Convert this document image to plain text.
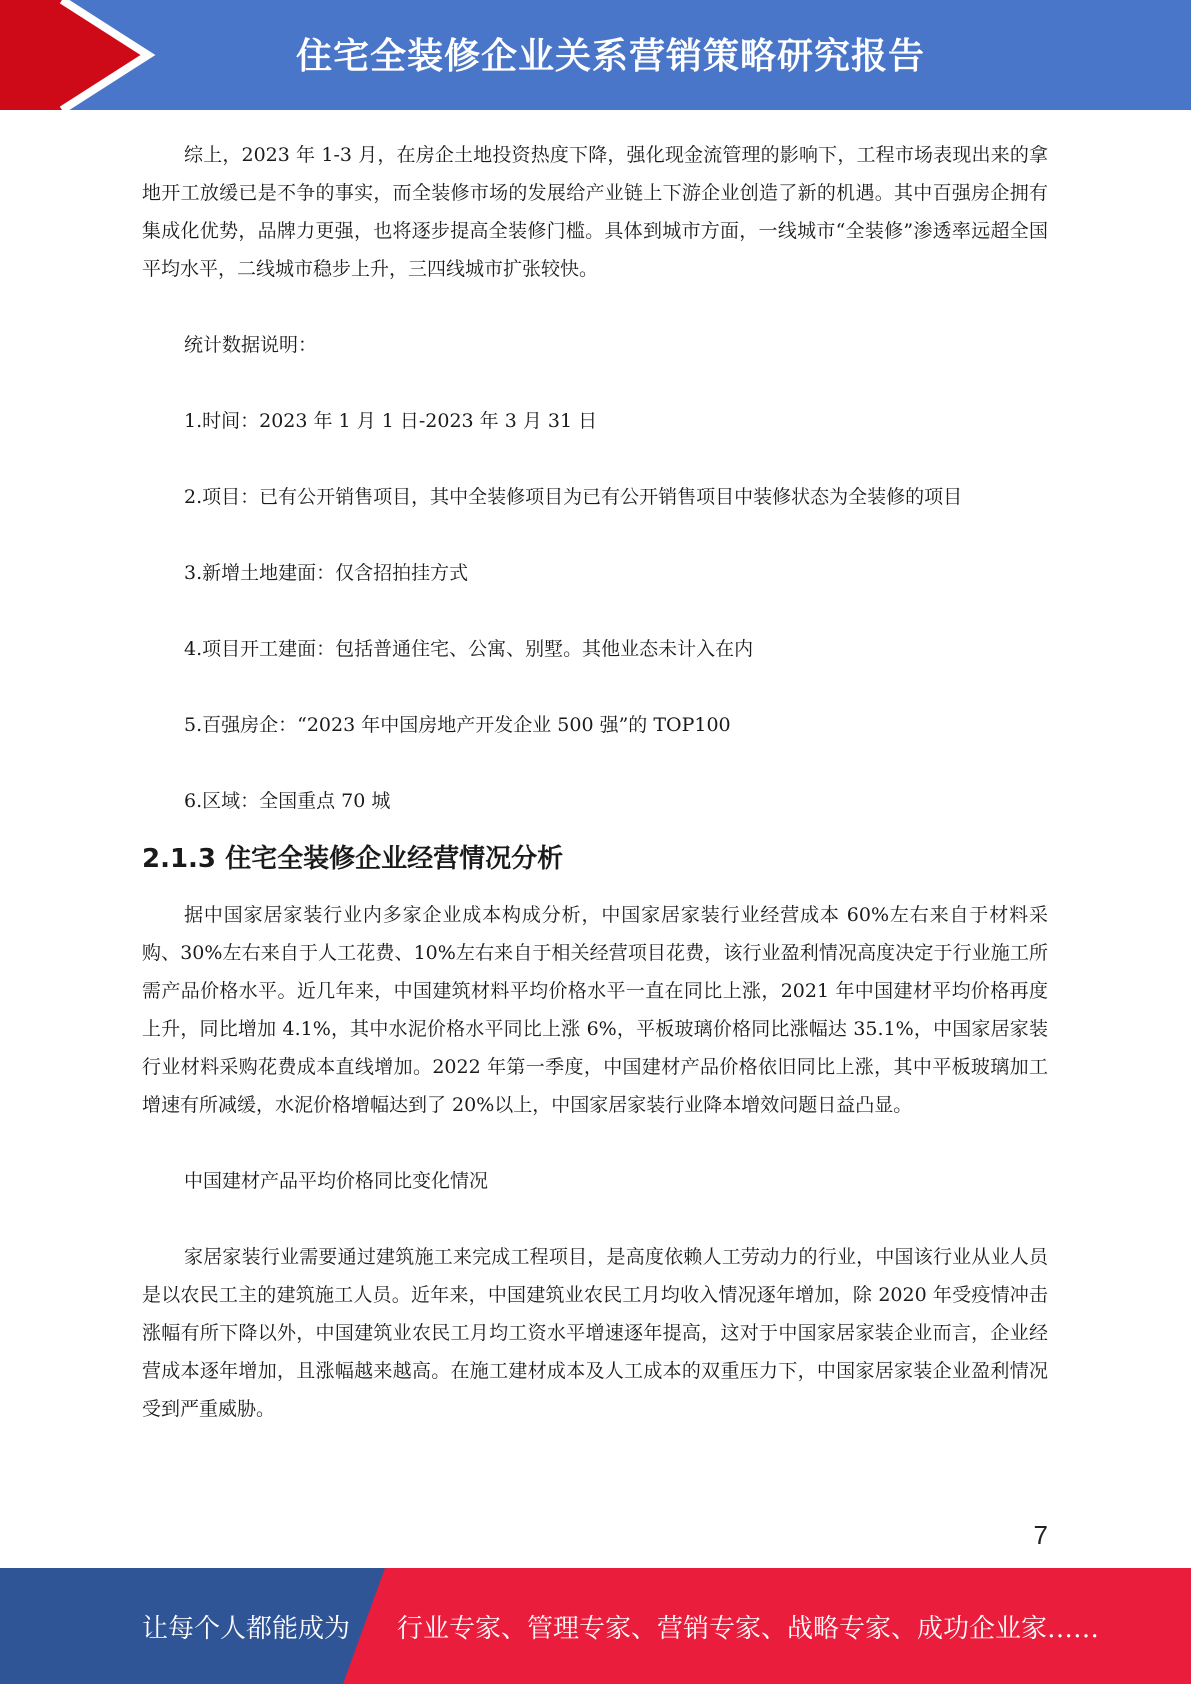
住宅全装修企业关系营销策略研究报告

综上，2023 年 1-3 月，在房企土地投资热度下降，强化现金流管理的影响下，工程市场表现出来的拿地开工放缓已是不争的事实，而全装修市场的发展给产业链上下游企业创造了新的机遇。其中百强房企拥有集成化优势，品牌力更强，也将逐步提高全装修门槛。具体到城市方面，一线城市“全装修”渗透率远超全国平均水平，二线城市稳步上升，三四线城市扩张较快。

统计数据说明：

1.时间：2023 年 1 月 1 日-2023 年 3 月 31 日

2.项目：已有公开销售项目，其中全装修项目为已有公开销售项目中装修状态为全装修的项目

3.新增土地建面：仅含招拍挂方式

4.项目开工建面：包括普通住宅、公寓、别墅。其他业态未计入在内

5.百强房企：“2023 年中国房地产开发企业 500 强”的 TOP100

6.区域：全国重点 70 城

2.1.3 住宅全装修企业经营情况分析

据中国家居家装行业内多家企业成本构成分析，中国家居家装行业经营成本 60%左右来自于材料采购、30%左右来自于人工花费、10%左右来自于相关经营项目花费，该行业盈利情况高度决定于行业施工所需产品价格水平。近几年来，中国建筑材料平均价格水平一直在同比上涨，2021 年中国建材平均价格再度上升，同比增加 4.1%，其中水泥价格水平同比上涨 6%，平板玻璃价格同比涨幅达 35.1%，中国家居家装行业材料采购花费成本直线增加。2022 年第一季度，中国建材产品价格依旧同比上涨，其中平板玻璃加工增速有所减缓，水泥价格增幅达到了 20%以上，中国家居家装行业降本增效问题日益凸显。

中国建材产品平均价格同比变化情况

家居家装行业需要通过建筑施工来完成工程项目，是高度依赖人工劳动力的行业，中国该行业从业人员是以农民工主的建筑施工人员。近年来，中国建筑业农民工月均收入情况逐年增加，除 2020 年受疫情冲击涨幅有所下降以外，中国建筑业农民工月均工资水平增速逐年提高，这对于中国家居家装企业而言，企业经营成本逐年增加，且涨幅越来越高。在施工建材成本及人工成本的双重压力下，中国家居家装企业盈利情况受到严重威胁。

7
让每个人都能成为 行业专家、管理专家、营销专家、战略专家、成功企业家……
